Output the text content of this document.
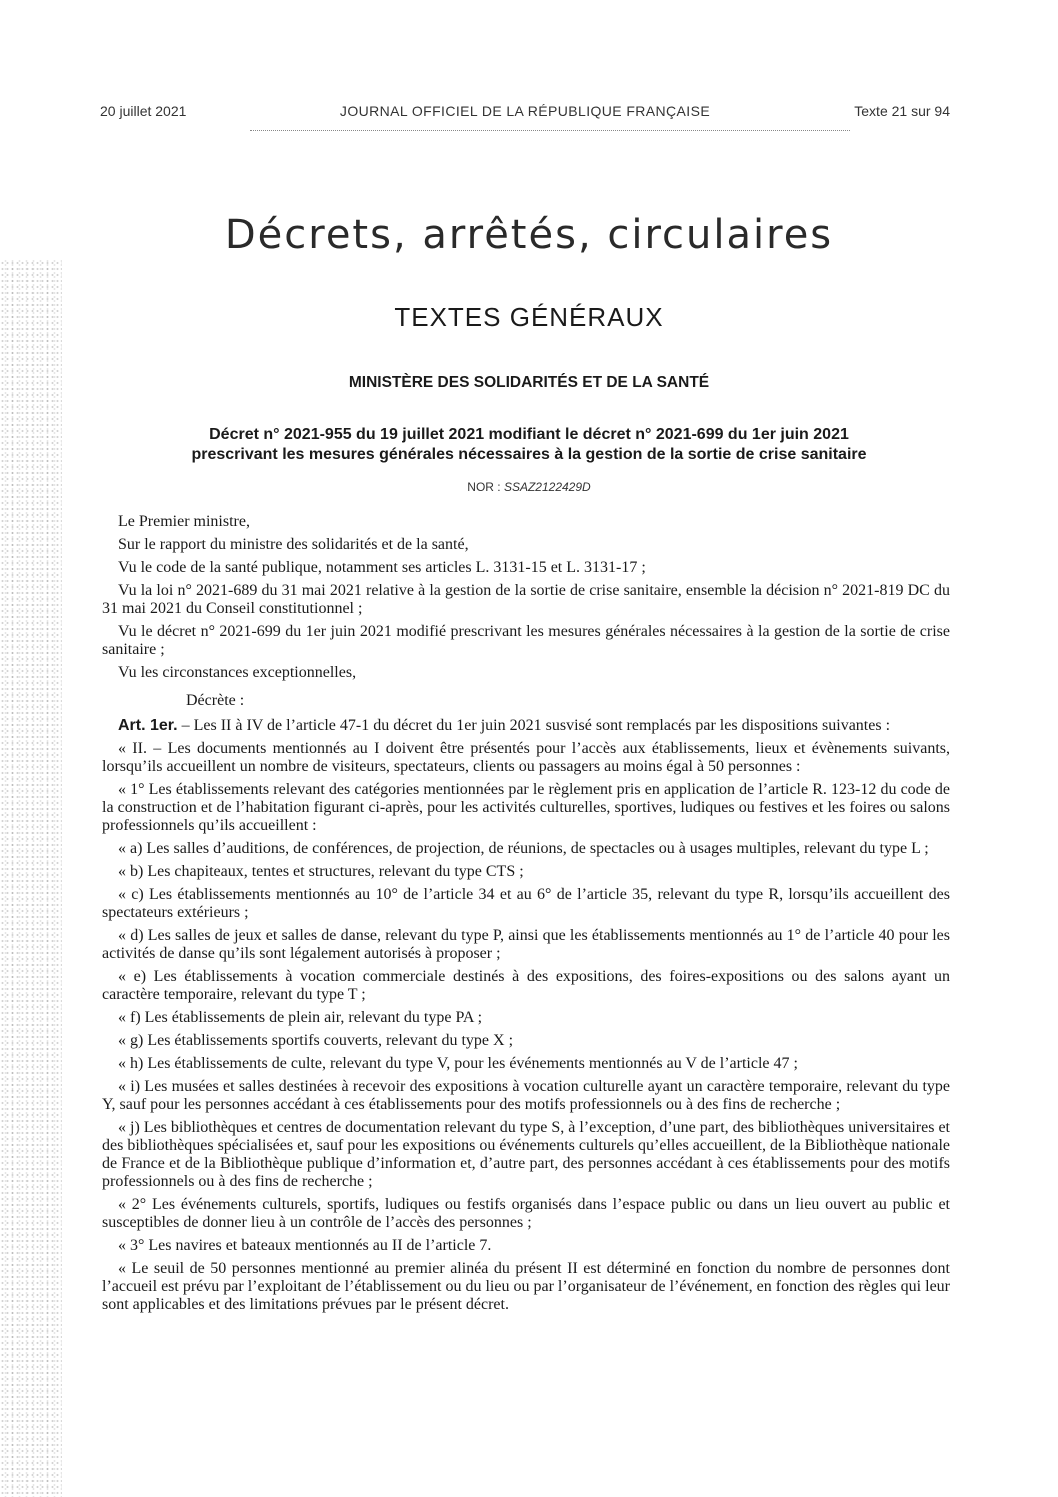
20 juillet 2021	JOURNAL OFFICIEL DE LA RÉPUBLIQUE FRANÇAISE	Texte 21 sur 94
Décrets, arrêtés, circulaires
TEXTES GÉNÉRAUX
MINISTÈRE DES SOLIDARITÉS ET DE LA SANTÉ
Décret n° 2021-955 du 19 juillet 2021 modifiant le décret n° 2021-699 du 1er juin 2021
prescrivant les mesures générales nécessaires à la gestion de la sortie de crise sanitaire
NOR : SSAZ2122429D

Le Premier ministre,

Sur le rapport du ministre des solidarités et de la santé,

Vu le code de la santé publique, notamment ses articles L. 3131-15 et L. 3131-17 ;

Vu la loi n° 2021-689 du 31 mai 2021 relative à la gestion de la sortie de crise sanitaire, ensemble la décision n° 2021-819 DC du 31 mai 2021 du Conseil constitutionnel ;

Vu le décret n° 2021-699 du 1er juin 2021 modifié prescrivant les mesures générales nécessaires à la gestion de la sortie de crise sanitaire ;

Vu les circonstances exceptionnelles,

Décrète :

Art. 1er. – Les II à IV de l’article 47-1 du décret du 1er juin 2021 susvisé sont remplacés par les dispositions suivantes :

« II. – Les documents mentionnés au I doivent être présentés pour l’accès aux établissements, lieux et évènements suivants, lorsqu’ils accueillent un nombre de visiteurs, spectateurs, clients ou passagers au moins égal à 50 personnes :

« 1° Les établissements relevant des catégories mentionnées par le règlement pris en application de l’article R. 123-12 du code de la construction et de l’habitation figurant ci-après, pour les activités culturelles, sportives, ludiques ou festives et les foires ou salons professionnels qu’ils accueillent :

« a) Les salles d’auditions, de conférences, de projection, de réunions, de spectacles ou à usages multiples, relevant du type L ;

« b) Les chapiteaux, tentes et structures, relevant du type CTS ;

« c) Les établissements mentionnés au 10° de l’article 34 et au 6° de l’article 35, relevant du type R, lorsqu’ils accueillent des spectateurs extérieurs ;

« d) Les salles de jeux et salles de danse, relevant du type P, ainsi que les établissements mentionnés au 1° de l’article 40 pour les activités de danse qu’ils sont légalement autorisés à proposer ;

« e) Les établissements à vocation commerciale destinés à des expositions, des foires-expositions ou des salons ayant un caractère temporaire, relevant du type T ;

« f) Les établissements de plein air, relevant du type PA ;

« g) Les établissements sportifs couverts, relevant du type X ;

« h) Les établissements de culte, relevant du type V, pour les événements mentionnés au V de l’article 47 ;

« i) Les musées et salles destinées à recevoir des expositions à vocation culturelle ayant un caractère temporaire, relevant du type Y, sauf pour les personnes accédant à ces établissements pour des motifs professionnels ou à des fins de recherche ;

« j) Les bibliothèques et centres de documentation relevant du type S, à l’exception, d’une part, des bibliothèques universitaires et des bibliothèques spécialisées et, sauf pour les expositions ou événements culturels qu’elles accueillent, de la Bibliothèque nationale de France et de la Bibliothèque publique d’information et, d’autre part, des personnes accédant à ces établissements pour des motifs professionnels ou à des fins de recherche ;

« 2° Les événements culturels, sportifs, ludiques ou festifs organisés dans l’espace public ou dans un lieu ouvert au public et susceptibles de donner lieu à un contrôle de l’accès des personnes ;

« 3° Les navires et bateaux mentionnés au II de l’article 7.

« Le seuil de 50 personnes mentionné au premier alinéa du présent II est déterminé en fonction du nombre de personnes dont l’accueil est prévu par l’exploitant de l’établissement ou du lieu ou par l’organisateur de l’événement, en fonction des règles qui leur sont applicables et des limitations prévues par le présent décret.
